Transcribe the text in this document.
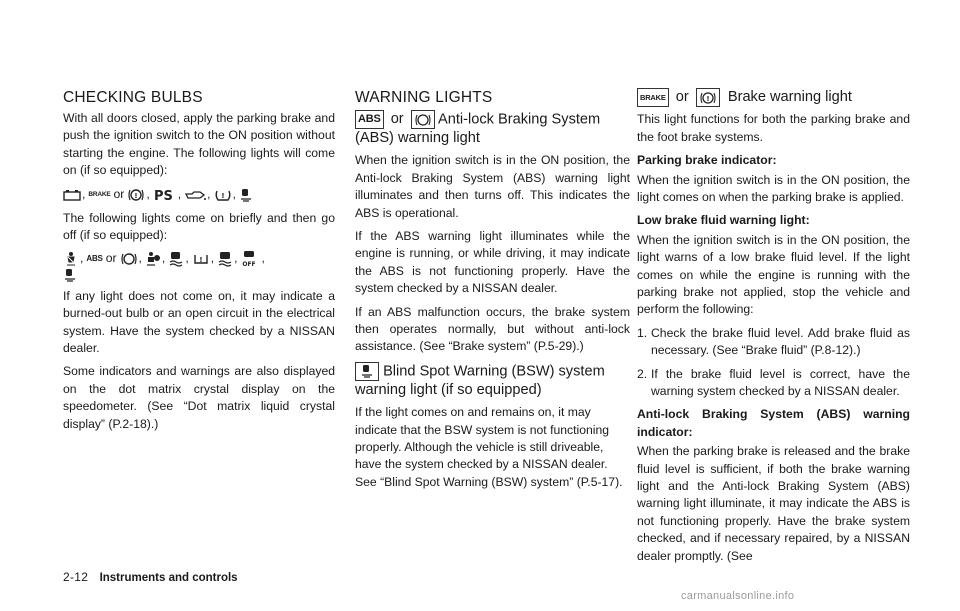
CHECKING BULBS

With all doors closed, apply the parking brake and push the ignition switch to the ON position without starting the engine. The following lights will come on (if so equipped):

, BRAKE or ! , PS , , ! ,

The following lights come on briefly and then go off (if so equipped):

, ABS or , , , ! , , OFF ,

If any light does not come on, it may indicate a burned-out bulb or an open circuit in the electrical system. Have the system checked by a NISSAN dealer.

Some indicators and warnings are also displayed on the dot matrix crystal display on the speedometer. (See “Dot matrix liquid crystal display” (P.2-18).)

WARNING LIGHTS
ABS or Anti-lock Braking System (ABS) warning light

When the ignition switch is in the ON position, the Anti-lock Braking System (ABS) warning light illuminates and then turns off. This indicates the ABS is operational.

If the ABS warning light illuminates while the engine is running, or while driving, it may indicate the ABS is not functioning properly. Have the system checked by a NISSAN dealer.

If an ABS malfunction occurs, the brake system then operates normally, but without anti-lock assistance. (See “Brake system” (P.5-29).)

Blind Spot Warning (BSW) system warning light (if so equipped)

If the light comes on and remains on, it may indicate that the BSW system is not functioning properly. Although the vehicle is still driveable, have the system checked by a NISSAN dealer. See “Blind Spot Warning (BSW) system” (P.5-17).

BRAKE or ! Brake warning light

This light functions for both the parking brake and the foot brake systems.

Parking brake indicator:

When the ignition switch is in the ON position, the light comes on when the parking brake is applied.

Low brake fluid warning light:

When the ignition switch is in the ON position, the light warns of a low brake fluid level. If the light comes on while the engine is running with the parking brake not applied, stop the vehicle and perform the following:

1. Check the brake fluid level. Add brake fluid as necessary. (See “Brake fluid” (P.8-12).)
2. If the brake fluid level is correct, have the warning system checked by a NISSAN dealer.

Anti-lock Braking System (ABS) warning indicator:

When the parking brake is released and the brake fluid level is sufficient, if both the brake warning light and the Anti-lock Braking System (ABS) warning light illuminate, it may indicate the ABS is not functioning properly. Have the brake system checked, and if necessary repaired, by a NISSAN dealer promptly. (See

2-12 Instruments and controls
carmanualsonline.info
